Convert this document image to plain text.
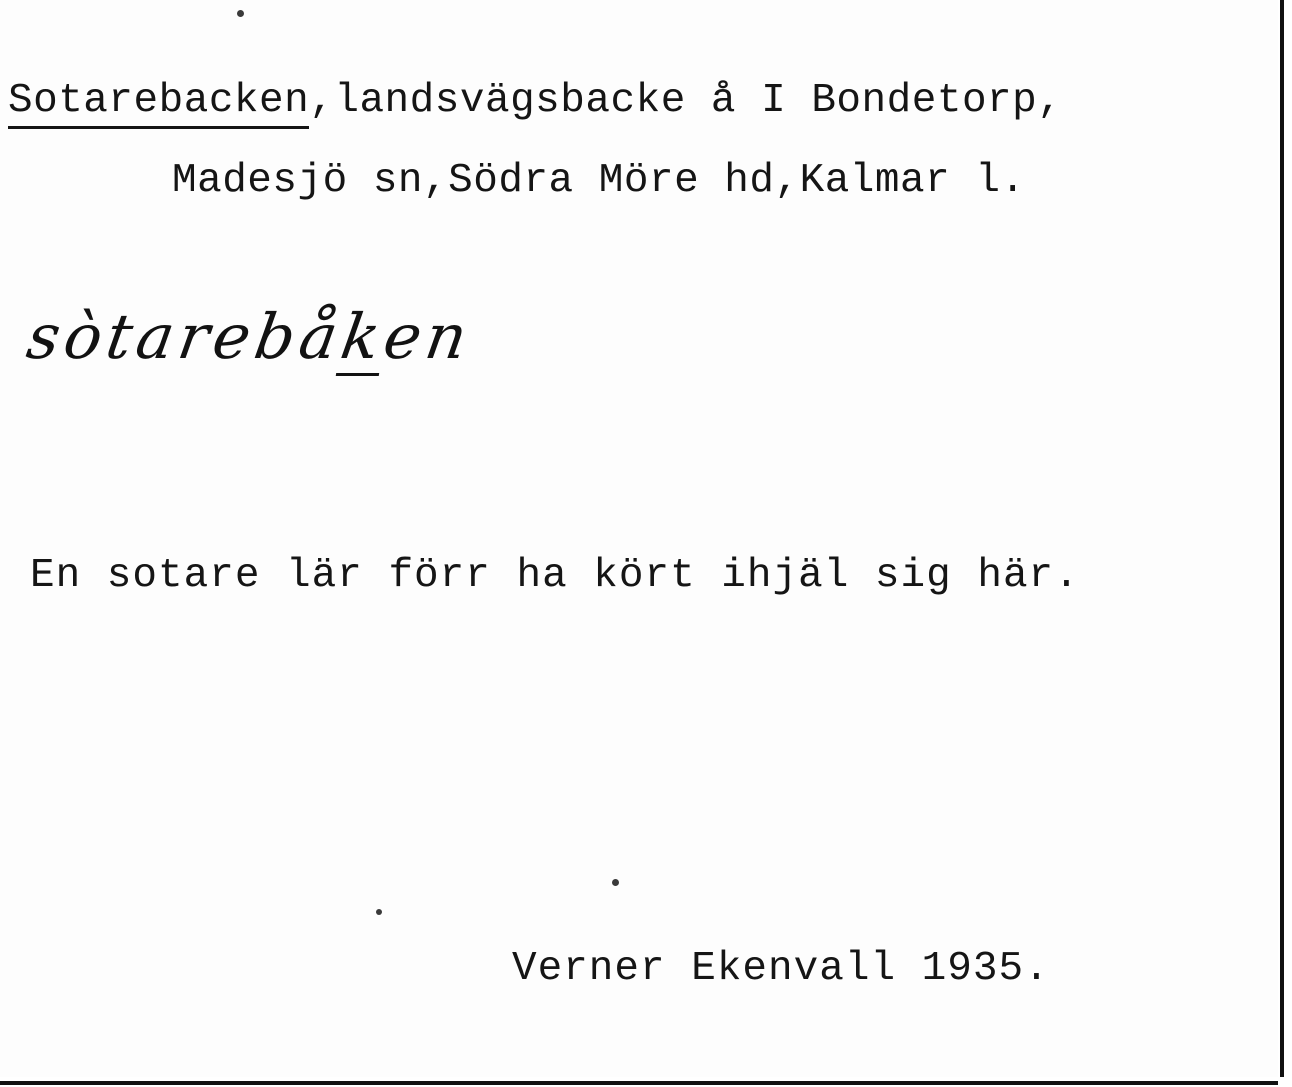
Sotarebacken,landsvägsbacke å I Bondetorp,
Madesjö sn,Södra Möre hd,Kalmar l.
sòtarebåken
En sotare lär förr ha kört ihjäl sig här.
Verner Ekenvall 1935.
